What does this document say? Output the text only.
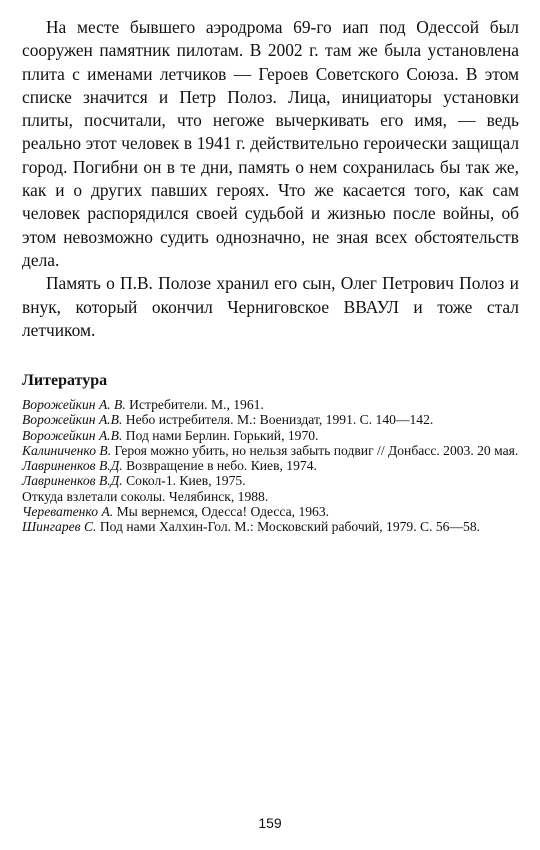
На месте бывшего аэродрома 69-го иап под Одессой был сооружен памятник пилотам. В 2002 г. там же была установлена плита с именами летчиков — Героев Советского Союза. В этом списке значится и Петр Полоз. Лица, инициаторы установки плиты, посчитали, что негоже вычеркивать его имя, — ведь реально этот человек в 1941 г. действительно героически защищал город. Погибни он в те дни, память о нем сохранилась бы так же, как и о других павших героях. Что же касается того, как сам человек распорядился своей судьбой и жизнью после войны, об этом невозможно судить однозначно, не зная всех обстоятельств дела.

Память о П.В. Полозе хранил его сын, Олег Петрович Полоз и внук, который окончил Черниговское ВВАУЛ и тоже стал летчиком.

Литература
Ворожейкин А. В. Истребители. М., 1961.
Ворожейкин А.В. Небо истребителя. М.: Воениздат, 1991. С. 140—142.
Ворожейкин А.В. Под нами Берлин. Горький, 1970.
Калиниченко В. Героя можно убить, но нельзя забыть подвиг // Донбасс. 2003. 20 мая.
Лавриненков В.Д. Возвращение в небо. Киев, 1974.
Лавриненков В.Д. Сокол-1. Киев, 1975.
Откуда взлетали соколы. Челябинск, 1988.
Череватенко А. Мы вернемся, Одесса! Одесса, 1963.
Шингарев С. Под нами Халхин-Гол. М.: Московский рабочий, 1979. С. 56—58.
159
